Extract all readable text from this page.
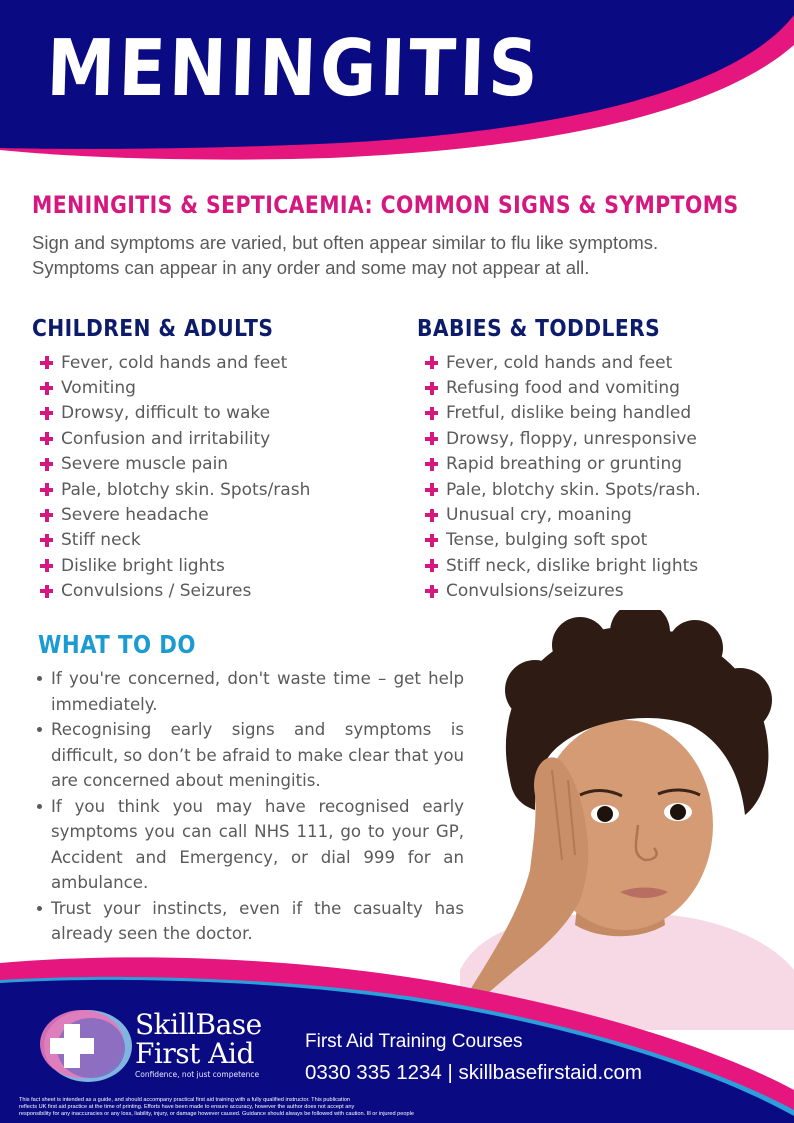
MENINGITIS
MENINGITIS & SEPTICAEMIA: COMMON SIGNS & SYMPTOMS

Sign and symptoms are varied, but often appear similar to flu like symptoms.

Symptoms can appear in any order and some may not appear at all.

CHILDREN & ADULTS
Fever, cold hands and feet
Vomiting
Drowsy, difficult to wake
Confusion and irritability
Severe muscle pain
Pale, blotchy skin. Spots/rash
Severe headache
Stiff neck
Dislike bright lights
Convulsions / Seizures
BABIES & TODDLERS
Fever, cold hands and feet
Refusing food and vomiting
Fretful, dislike being handled
Drowsy, floppy, unresponsive
Rapid breathing or grunting
Pale, blotchy skin. Spots/rash.
Unusual cry, moaning
Tense, bulging soft spot
Stiff neck, dislike bright lights
Convulsions/seizures
WHAT TO DO
If you're concerned, don't waste time – get help immediately.
Recognising early signs and symptoms is difficult, so don’t be afraid to make clear that you are concerned about meningitis.
If you think you may have recognised early symptoms you can call NHS 111, go to your GP, Accident and Emergency, or dial 999 for an ambulance.
Trust your instincts, even if the casualty has already seen the doctor.
SkillBase
First Aid
Confidence, not just competence
First Aid Training Courses
0330 335 1234 | skillbasefirstaid.com
This fact sheet is intended as a guide, and should accompany practical first aid training with a fully qualified instructor. This publication
reflects UK first aid practice at the time of printing. Efforts have been made to ensure accuracy, however the author does not accept any
responsibility for any inaccuracies or any loss, liability, injury, or damage however caused. Guidance should always be followed with caution. Ill or injured people
